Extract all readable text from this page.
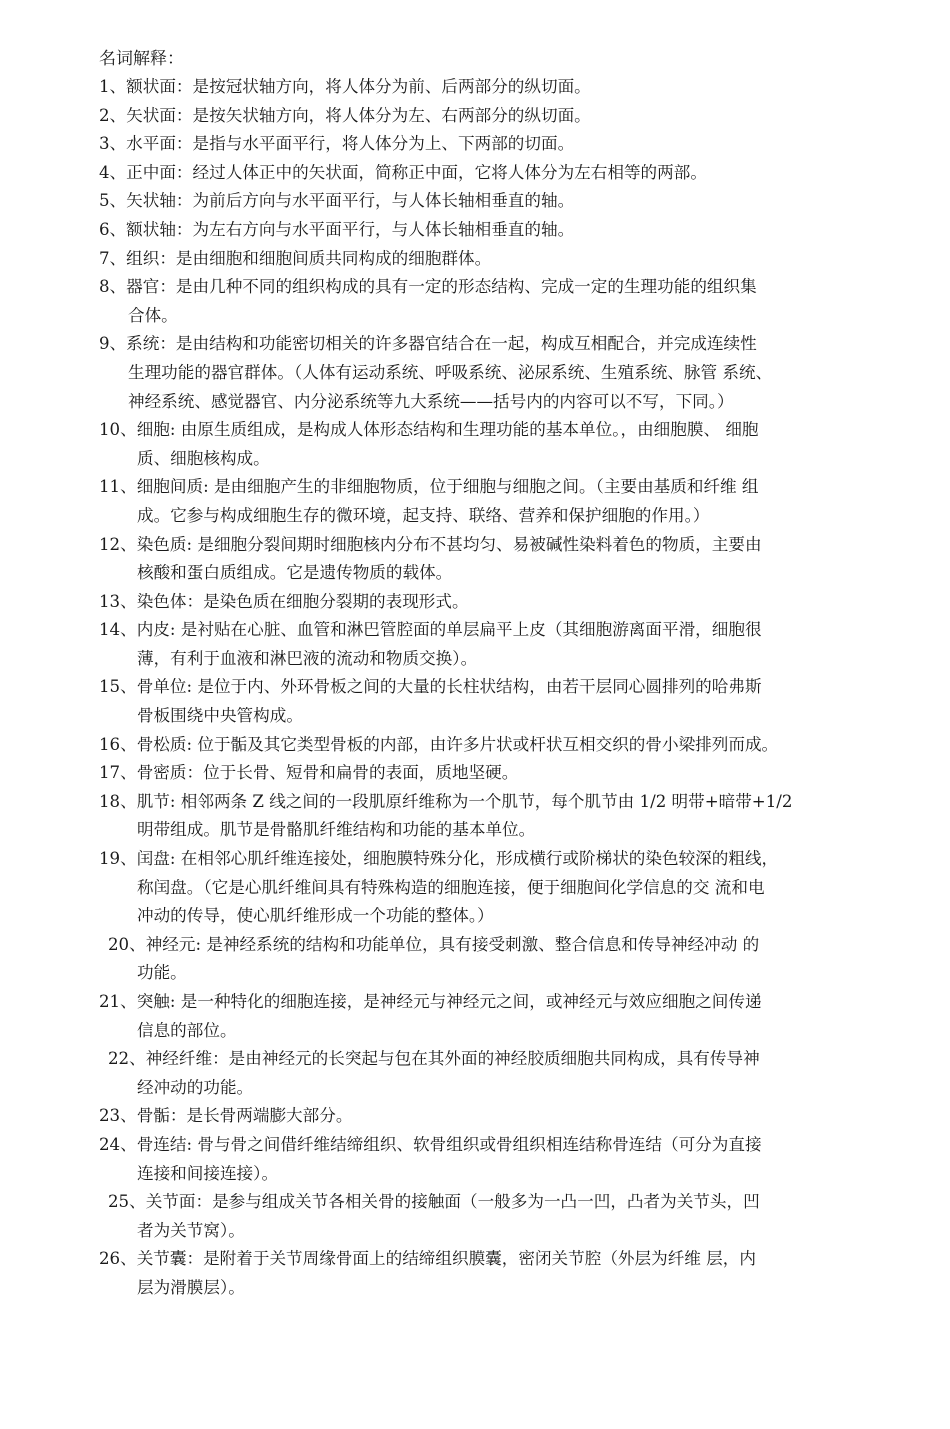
名词解释：
1、额状面：是按冠状轴方向，将人体分为前、后两部分的纵切面。
2、矢状面：是按矢状轴方向，将人体分为左、右两部分的纵切面。
3、水平面：是指与水平面平行，将人体分为上、下两部的切面。
4、正中面：经过人体正中的矢状面，简称正中面，它将人体分为左右相等的两部。
5、矢状轴：为前后方向与水平面平行，与人体长轴相垂直的轴。
6、额状轴：为左右方向与水平面平行，与人体长轴相垂直的轴。
7、组织：是由细胞和细胞间质共同构成的细胞群体。
8、器官：是由几种不同的组织构成的具有一定的形态结构、完成一定的生理功能的组织集
合体。
9、系统：是由结构和功能密切相关的许多器官结合在一起，构成互相配合，并完成连续性
生理功能的器官群体。（人体有运动系统、呼吸系统、泌尿系统、生殖系统、脉管 系统、
神经系统、感觉器官、内分泌系统等九大系统——括号内的内容可以不写，下同。）
10、细胞: 由原生质组成，是构成人体形态结构和生理功能的基本单位。，由细胞膜、 细胞
质、细胞核构成。
11、细胞间质: 是由细胞产生的非细胞物质，位于细胞与细胞之间。（主要由基质和纤维 组
成。它参与构成细胞生存的微环境，起支持、联络、营养和保护细胞的作用。）
12、染色质: 是细胞分裂间期时细胞核内分布不甚均匀、易被碱性染料着色的物质，主要由
核酸和蛋白质组成。它是遗传物质的载体。
13、染色体：是染色质在细胞分裂期的表现形式。
14、内皮: 是衬贴在心脏、血管和淋巴管腔面的单层扁平上皮（其细胞游离面平滑，细胞很
薄，有利于血液和淋巴液的流动和物质交换）。
15、骨单位: 是位于内、外环骨板之间的大量的长柱状结构，由若干层同心圆排列的哈弗斯
骨板围绕中央管构成。
16、骨松质: 位于骺及其它类型骨板的内部，由许多片状或杆状互相交织的骨小梁排列而成。
17、骨密质：位于长骨、短骨和扁骨的表面，质地坚硬。
18、肌节: 相邻两条 Z 线之间的一段肌原纤维称为一个肌节，每个肌节由 1/2 明带+暗带+1/2
明带组成。肌节是骨骼肌纤维结构和功能的基本单位。
19、闰盘: 在相邻心肌纤维连接处，细胞膜特殊分化，形成横行或阶梯状的染色较深的粗线，
称闰盘。（它是心肌纤维间具有特殊构造的细胞连接，便于细胞间化学信息的交 流和电
冲动的传导，使心肌纤维形成一个功能的整体。）
20、神经元: 是神经系统的结构和功能单位，具有接受刺激、整合信息和传导神经冲动 的
功能。
21、突触: 是一种特化的细胞连接，是神经元与神经元之间，或神经元与效应细胞之间传递
信息的部位。
22、神经纤维：是由神经元的长突起与包在其外面的神经胶质细胞共同构成，具有传导神
经冲动的功能。
23、骨骺：是长骨两端膨大部分。
24、骨连结: 骨与骨之间借纤维结缔组织、软骨组织或骨组织相连结称骨连结（可分为直接
连接和间接连接）。
25、关节面：是参与组成关节各相关骨的接触面（一般多为一凸一凹，凸者为关节头，凹
者为关节窝）。
26、关节囊：是附着于关节周缘骨面上的结缔组织膜囊，密闭关节腔（外层为纤维 层，内
层为滑膜层）。
